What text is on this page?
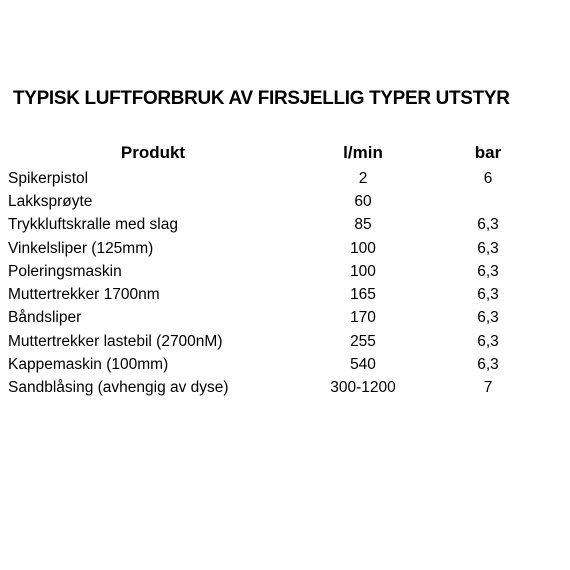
TYPISK LUFTFORBRUK AV FIRSJELLIG TYPER UTSTYR
Produkt	l/min	bar
Spikerpistol	2	6
Lakksprøyte	60	
Trykkluftskralle med slag	85	6,3
Vinkelsliper (125mm)	100	6,3
Poleringsmaskin	100	6,3
Muttertrekker 1700nm	165	6,3
Båndsliper	170	6,3
Muttertrekker lastebil (2700nM)	255	6,3
Kappemaskin (100mm)	540	6,3
Sandblåsing (avhengig av dyse)	300-1200	7
